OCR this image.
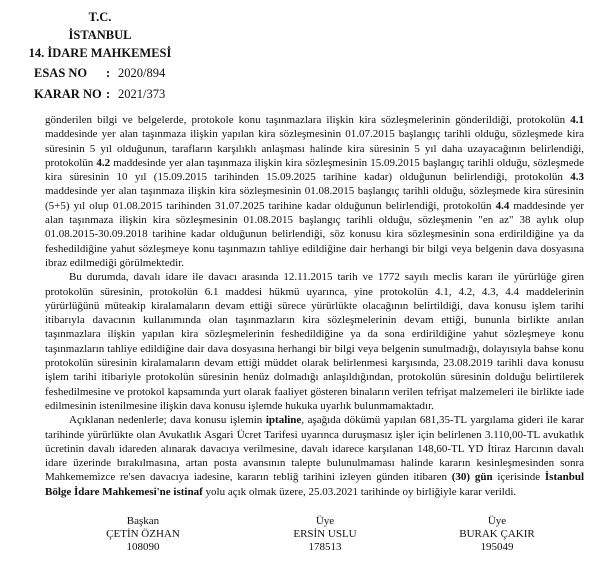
T.C.
İSTANBUL
14. İDARE MAHKEMESİ
ESAS NO : 2020/894
KARAR NO : 2021/373

gönderilen bilgi ve belgelerde, protokole konu taşınmazlara ilişkin kira sözleşmelerinin gönderildiği, protokolün 4.1 maddesinde yer alan taşınmaza ilişkin yapılan kira sözleşmesinin 01.07.2015 başlangıç tarihli olduğu, sözleşmede kira süresinin 5 yıl olduğunun, tarafların karşılıklı anlaşması halinde kira süresinin 5 yıl daha uzayacağının belirlendiği, protokolün 4.2 maddesinde yer alan taşınmaza ilişkin kira sözleşmesinin 15.09.2015 başlangıç tarihli olduğu, sözleşmede kira süresinin 10 yıl (15.09.2015 tarihinden 15.09.2025 tarihine kadar) olduğunun belirlendiği, protokolün 4.3 maddesinde yer alan taşınmaza ilişkin kira sözleşmesinin 01.08.2015 başlangıç tarihli olduğu, sözleşmede kira süresinin (5+5) yıl olup 01.08.2015 tarihinden 31.07.2025 tarihine kadar olduğunun belirlendiği, protokolün 4.4 maddesinde yer alan taşınmaza ilişkin kira sözleşmesinin 01.08.2015 başlangıç tarihli olduğu, sözleşmenin "en az" 38 aylık olup 01.08.2015-30.09.2018 tarihine kadar olduğunun belirlendiği, söz konusu kira sözleşmesinin sona erdirildiğine ya da feshedildiğine yahut sözleşmeye konu taşınmazın tahliye edildiğine dair herhangi bir bilgi veya belgenin dava dosyasına ibraz edilmediği görülmektedir.

Bu durumda, davalı idare ile davacı arasında 12.11.2015 tarih ve 1772 sayılı meclis kararı ile yürürlüğe giren protokolün süresinin, protokolün 6.1 maddesi hükmü uyarınca, yine protokolün 4.1, 4.2, 4.3, 4.4 maddelerinin yürürlüğünü müteakip kiralamaların devam ettiği sürece yürürlükte olacağının belirtildiği, dava konusu işlem tarihi itibarıyla davacının kullanımında olan taşınmazların kira sözleşmelerinin devam ettiği, bununla birlikte anılan taşınmazlara ilişkin yapılan kira sözleşmelerinin feshedildiğine ya da sona erdirildiğine yahut sözleşmeye konu taşınmazların tahliye edildiğine dair dava dosyasına herhangi bir bilgi veya belgenin sunulmadığı, dolayısıyla bahse konu protokolün süresinin kiralamaların devam ettiği müddet olarak belirlenmesi karşısında, 23.08.2019 tarihli dava konusu işlem tarihi itibariyle protokolün süresinin henüz dolmadığı anlaşıldığından, protokolün süresinin dolduğu belirtilerek feshedilmesine ve protokol kapsamında yurt olarak faaliyet gösteren binaların verilen tefrişat malzemeleri ile birlikte iade edilmesinin istenilmesine ilişkin dava konusu işlemde hukuka uyarlık bulunmamaktadır.

Açıklanan nedenlerle; dava konusu işlemin iptaline, aşağıda dökümü yapılan 681,35-TL yargılama gideri ile karar tarihinde yürürlükte olan Avukatlık Asgari Ücret Tarifesi uyarınca duruşmasız işler için belirlenen 3.110,00-TL avukatlık ücretinin davalı idareden alınarak davacıya verilmesine, davalı idarece karşılanan 148,60-TL YD İtiraz Harcının davalı idare üzerinde bırakılmasına, artan posta avansının talepte bulunulmaması halinde kararın kesinleşmesinden sonra Mahkememizce re'sen davacıya iadesine, kararın tebliğ tarihini izleyen günden itibaren (30) gün içerisinde İstanbul Bölge İdare Mahkemesi'ne istinaf yolu açık olmak üzere, 25.03.2021 tarihinde oy birliğiyle karar verildi.

Başkan
ÇETİN ÖZHAN
108090
Üye
ERSİN USLU
178513
Üye
BURAK ÇAKIR
195049
